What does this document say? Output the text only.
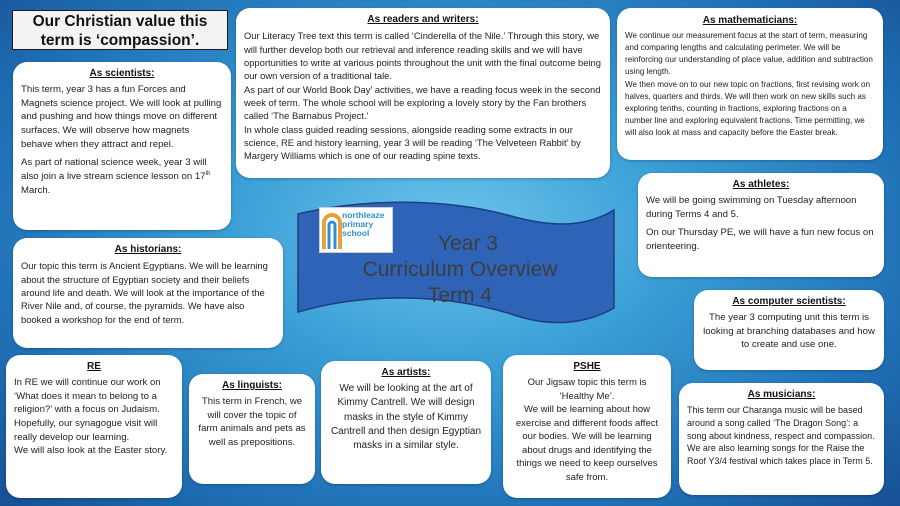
Our Christian value this term is ‘compassion’.
As scientists:

This term, year 3 has a fun Forces and Magnets science project. We will look at pulling and pushing and how things move on different surfaces. We will observe how magnets behave when they attract and repel.

As part of national science week, year 3 will also join a live stream science lesson on 17th March.

As readers and writers:

Our Literacy Tree text this term is called ‘Cinderella of the Nile.’ Through this story, we will further develop both our retrieval and inference reading skills and we will have opportunities to write at various points throughout the unit with the final outcome being our own version of a traditional tale.

As part of our World Book Day’ activities, we have a reading focus week in the second week of term. The whole school will be exploring a lovely story by the Fan brothers called ‘The Barnabus Project.’

In whole class guided reading sessions, alongside reading some extracts in our science, RE and history learning, year 3 will be reading ‘The Velveteen Rabbit’ by Margery Williams which is one of our reading spine texts.

As mathematicians:

We continue our measurement focus at the start of term, measuring and comparing lengths and calculating perimeter. We will be reinforcing our understanding of place value, addition and subtraction using length.

We then move on to our new topic on fractions, first revising work on halves, quarters and thirds. We will then work on new skills such as exploring tenths, counting in fractions, exploring fractions on a number line and exploring equivalent fractions. Time permitting, we will also look at mass and capacity before the Easter break.

As athletes:

We will be going swimming on Tuesday afternoon during Terms 4 and 5.

On our Thursday PE, we will have a fun new focus on orienteering.

northleaze
primary
school	Year 3
Curriculum Overview
Term 4
As historians:

Our topic this term is Ancient Egyptians. We will be learning about the structure of Egyptian society and their beliefs around life and death. We will look at the importance of the River Nile and, of course, the pyramids. We have also booked a workshop for the end of term.

As computer scientists:

The year 3 computing unit this term is looking at branching databases and how to create and use one.

RE

In RE we will continue our work on ‘What does it mean to belong to a religion?’ with a focus on Judaism. Hopefully, our synagogue visit will really develop our learning.

We will also look at the Easter story.

As linguists:

This term in French, we will cover the topic of farm animals and pets as well as prepositions.

As artists:

We will be looking at the art of Kimmy Cantrell. We will design masks in the style of Kimmy Cantrell and then design Egyptian masks in a similar style.

PSHE

Our Jigsaw topic this term is ‘Healthy Me’.

We will be learning about how exercise and different foods affect our bodies. We will be learning about drugs and identifying the things we need to keep ourselves safe from.

As musicians:

This term our Charanga music will be based around a song called ‘The Dragon Song’: a song about kindness, respect and compassion. We are also learning songs for the Raise the Roof Y3/4 festival which takes place in Term 5.
